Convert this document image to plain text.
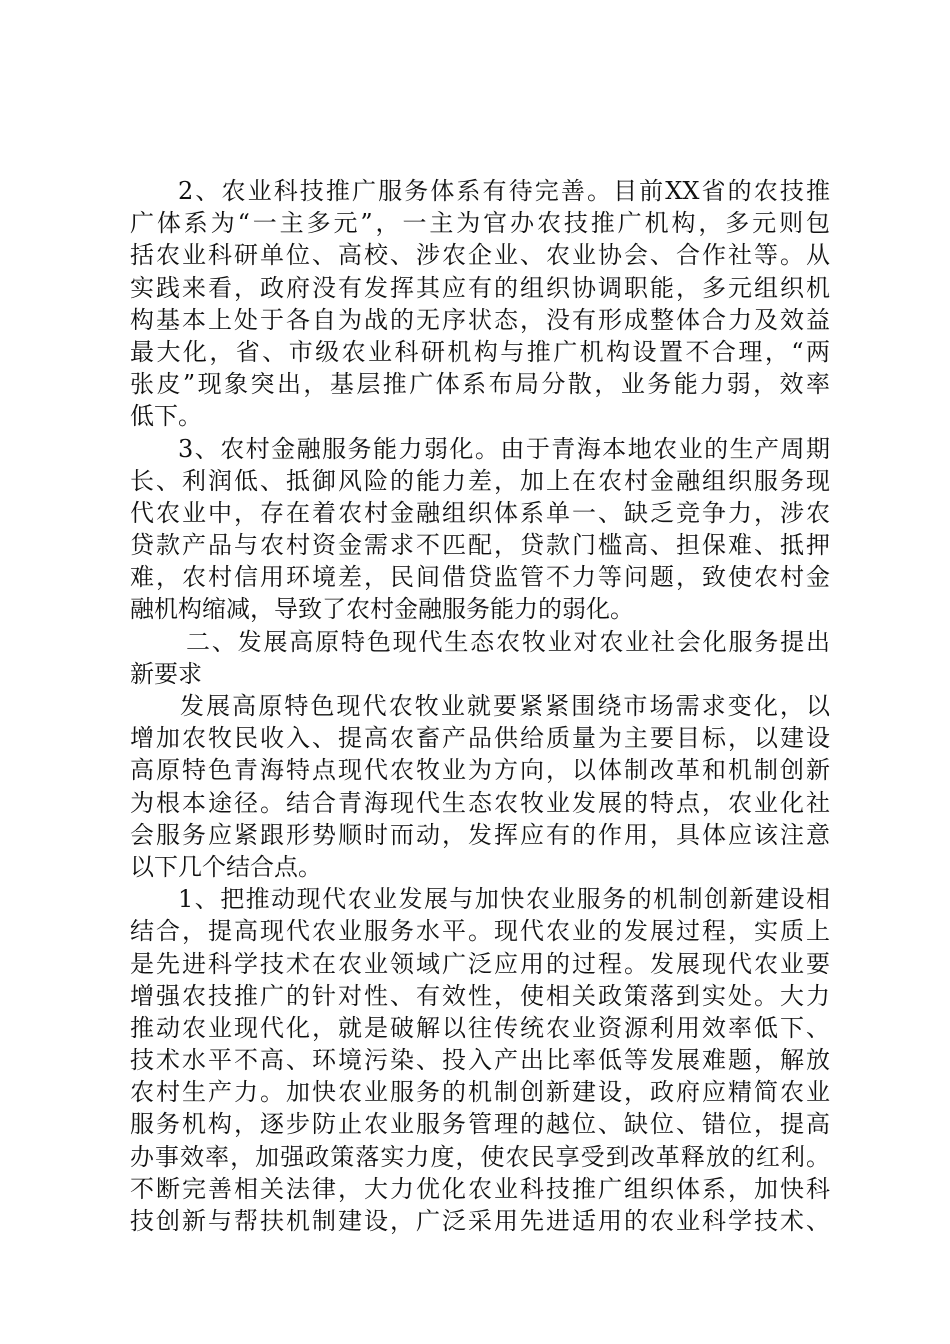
2、农业科技推广服务体系有待完善。目前XX省的农技推
广体系为“一主多元”，一主为官办农技推广机构，多元则包
括农业科研单位、高校、涉农企业、农业协会、合作社等。从
实践来看，政府没有发挥其应有的组织协调职能，多元组织机
构基本上处于各自为战的无序状态，没有形成整体合力及效益
最大化，省、市级农业科研机构与推广机构设置不合理，“两
张皮”现象突出，基层推广体系布局分散，业务能力弱，效率
低下。
3、农村金融服务能力弱化。由于青海本地农业的生产周期
长、利润低、抵御风险的能力差，加上在农村金融组织服务现
代农业中，存在着农村金融组织体系单一、缺乏竞争力，涉农
贷款产品与农村资金需求不匹配，贷款门槛高、担保难、抵押
难，农村信用环境差，民间借贷监管不力等问题，致使农村金
融机构缩减，导致了农村金融服务能力的弱化。
二、发展高原特色现代生态农牧业对农业社会化服务提出
新要求
发展高原特色现代农牧业就要紧紧围绕市场需求变化，以
增加农牧民收入、提高农畜产品供给质量为主要目标，以建设
高原特色青海特点现代农牧业为方向，以体制改革和机制创新
为根本途径。结合青海现代生态农牧业发展的特点，农业化社
会服务应紧跟形势顺时而动，发挥应有的作用，具体应该注意
以下几个结合点。
1、把推动现代农业发展与加快农业服务的机制创新建设相
结合，提高现代农业服务水平。现代农业的发展过程，实质上
是先进科学技术在农业领域广泛应用的过程。发展现代农业要
增强农技推广的针对性、有效性，使相关政策落到实处。大力
推动农业现代化，就是破解以往传统农业资源利用效率低下、
技术水平不高、环境污染、投入产出比率低等发展难题，解放
农村生产力。加快农业服务的机制创新建设，政府应精简农业
服务机构，逐步防止农业服务管理的越位、缺位、错位，提高
办事效率，加强政策落实力度，使农民享受到改革释放的红利。
不断完善相关法律，大力优化农业科技推广组织体系，加快科
技创新与帮扶机制建设，广泛采用先进适用的农业科学技术、
